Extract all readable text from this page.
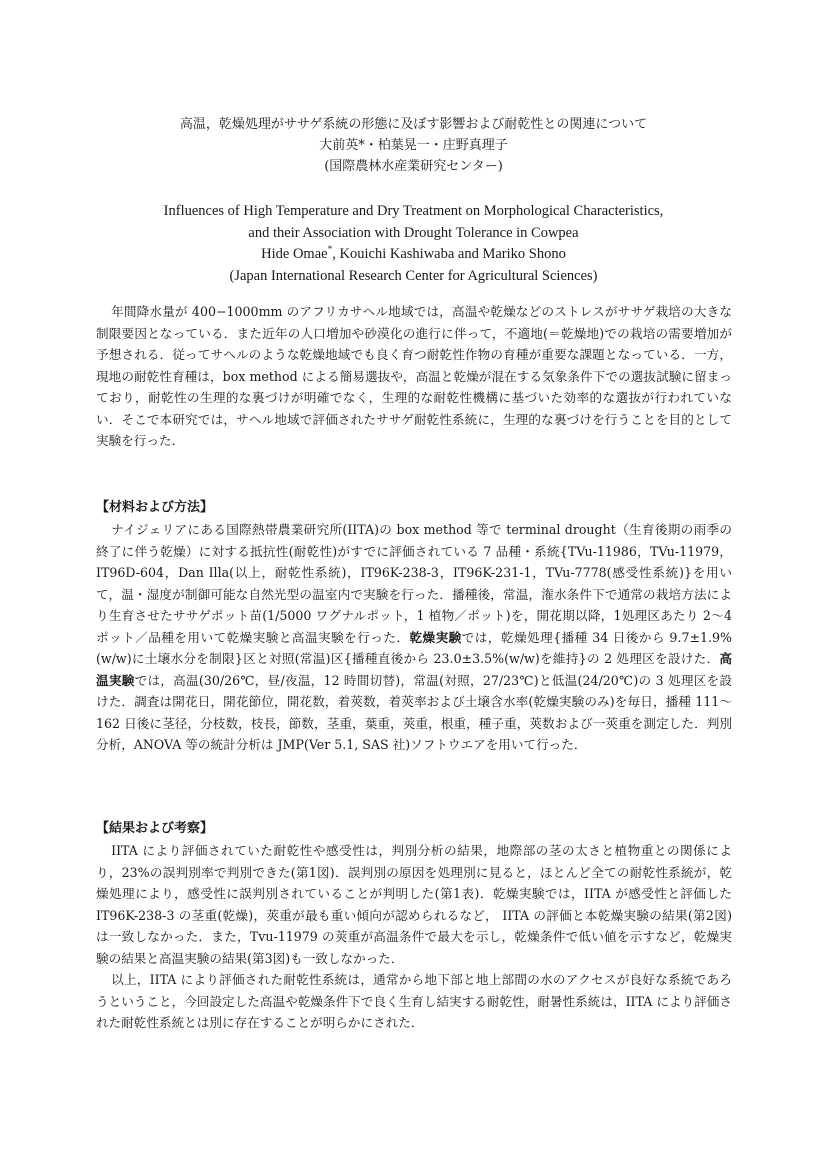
高温，乾燥処理がササゲ系統の形態に及ぼす影響および耐乾性との関連について
大前英*・柏葉晃一・庄野真理子
(国際農林水産業研究センター)
Influences of High Temperature and Dry Treatment on Morphological Characteristics,
and their Association with Drought Tolerance in Cowpea
Hide Omae*, Kouichi Kashiwaba and Mariko Shono
(Japan International Research Center for Agricultural Sciences)

年間降水量が 400−1000mm のアフリカサヘル地域では，高温や乾燥などのストレスがササゲ栽培の大きな制限要因となっている．また近年の人口増加や砂漠化の進行に伴って，不適地(＝乾燥地)での栽培の需要増加が予想される．従ってサヘルのような乾燥地域でも良く育つ耐乾性作物の育種が重要な課題となっている．一方，現地の耐乾性育種は，box method による簡易選抜や，高温と乾燥が混在する気象条件下での選抜試験に留まっており，耐乾性の生理的な裏づけが明確でなく，生理的な耐乾性機構に基づいた効率的な選抜が行われていない．そこで本研究では，サヘル地域で評価されたササゲ耐乾性系統に，生理的な裏づけを行うことを目的として実験を行った．

【材料および方法】

ナイジェリアにある国際熱帯農業研究所(IITA)の box method 等で terminal drought（生育後期の雨季の終了に伴う乾燥）に対する抵抗性(耐乾性)がすでに評価されている 7 品種・系統{TVu-11986，TVu-11979，IT96D-604，Dan Illa(以上，耐乾性系統)，IT96K-238-3，IT96K-231-1，TVu-7778(感受性系統)}を用いて，温・湿度が制御可能な自然光型の温室内で実験を行った．播種後，常温，潅水条件下で通常の栽培方法により生育させたササゲポット苗(1/5000 ワグナルポット，1 植物／ポット)を，開花期以降，1処理区あたり 2〜4 ポット／品種を用いて乾燥実験と高温実験を行った．乾燥実験では，乾燥処理{播種 34 日後から 9.7±1.9%(w/w)に土壌水分を制限}区と対照(常温)区{播種直後から 23.0±3.5%(w/w)を維持}の 2 処理区を設けた．高温実験では，高温(30/26℃，昼/夜温，12 時間切替)，常温(対照，27/23℃)と低温(24/20℃)の 3 処理区を設けた．調査は開花日，開花節位，開花数，着莢数，着莢率および土壌含水率(乾燥実験のみ)を毎日，播種 111〜162 日後に茎径，分枝数，枝長，節数，茎重，葉重，莢重，根重，種子重，莢数および一莢重を測定した．判別分析，ANOVA 等の統計分析は JMP(Ver 5.1, SAS 社)ソフトウエアを用いて行った．

【結果および考察】

IITA により評価されていた耐乾性や感受性は，判別分析の結果，地際部の茎の太さと植物重との関係により，23%の誤判別率で判別できた(第1図)．誤判別の原因を処理別に見ると，ほとんど全ての耐乾性系統が，乾燥処理により，感受性に誤判別されていることが判明した(第1表)．乾燥実験では，IITA が感受性と評価した IT96K-238-3 の茎重(乾燥)，莢重が最も重い傾向が認められるなど， IITA の評価と本乾燥実験の結果(第2図)は一致しなかった．また，Tvu-11979 の莢重が高温条件で最大を示し，乾燥条件で低い値を示すなど，乾燥実験の結果と高温実験の結果(第3図)も一致しなかった．

以上，IITA により評価された耐乾性系統は，通常から地下部と地上部間の水のアクセスが良好な系統であろうということ，今回設定した高温や乾燥条件下で良く生育し結実する耐乾性，耐暑性系統は，IITA により評価された耐乾性系統とは別に存在することが明らかにされた．
